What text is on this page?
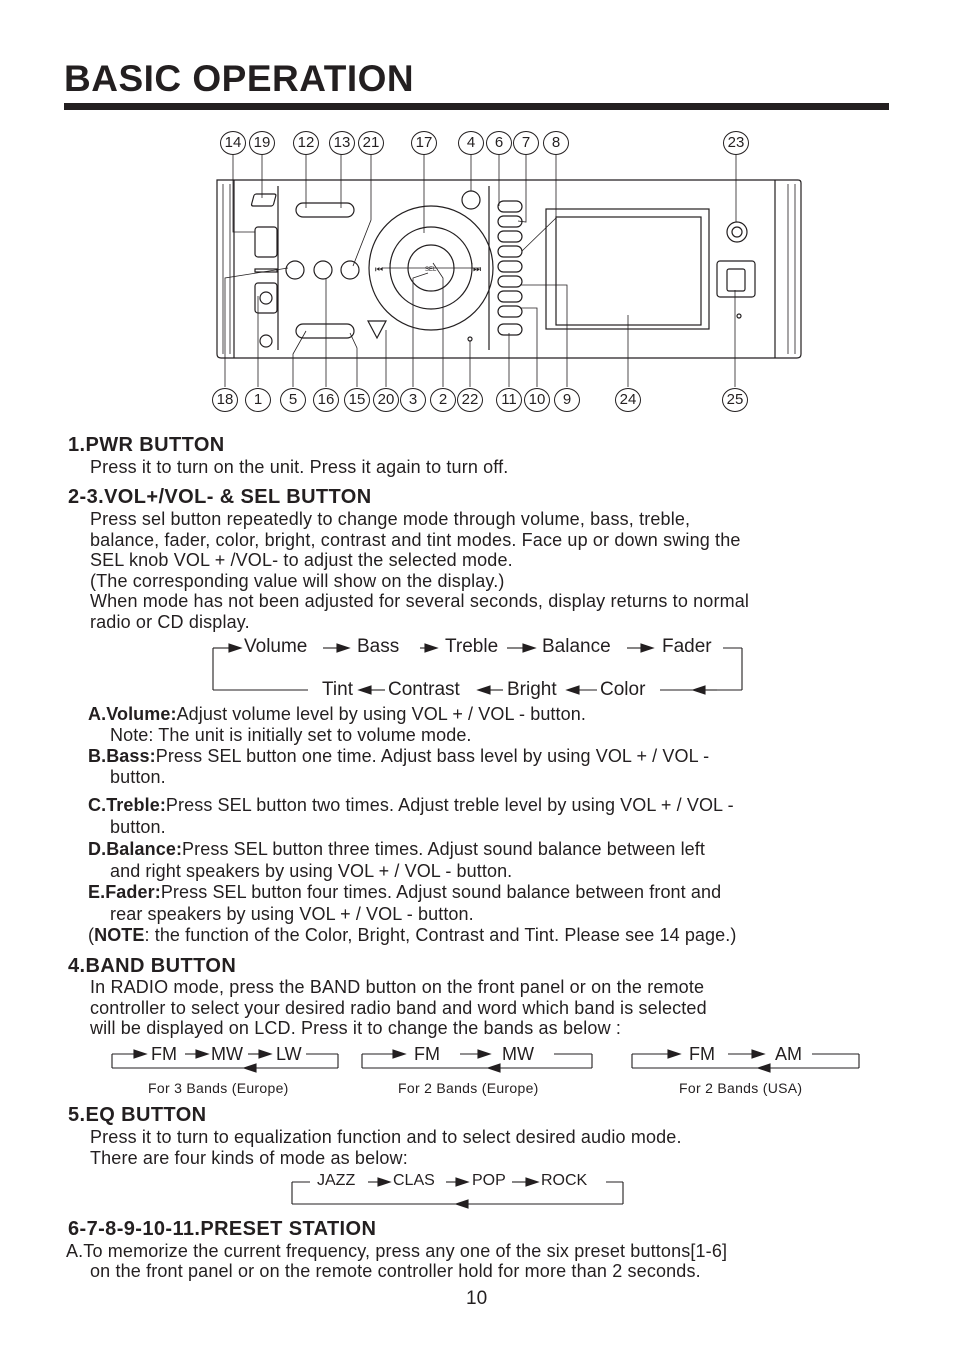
BASIC OPERATION
SEL
⏮	⏭
14 19	12	13 21	17	4	6	7	8	23
18	1	5	16 15 20 3	2 22	11 10	9	24	25
1.PWR BUTTON
Press it to turn on the unit. Press it again to turn off.
2-3.VOL+/VOL- & SEL BUTTON
Press sel button repeatedly to change mode through volume, bass, treble,
balance, fader, color, bright, contrast and tint modes. Face up or down swing the
SEL knob VOL + /VOL- to adjust the selected mode.
(The corresponding value will show on the display.)
When mode has not been adjusted for several seconds, display returns to normal
radio or CD display.
Volume	Bass Treble Balance	Fader
Tint Contrast Bright Color
A.Volume:Adjust volume level by using VOL + / VOL - button.
Note: The unit is initially set to volume mode.
B.Bass:Press SEL button one time. Adjust bass level by using VOL + / VOL -
button.
C.Treble:Press SEL button two times. Adjust treble level by using VOL + / VOL -
button.
D.Balance:Press SEL button three times. Adjust sound balance between left
and right speakers by using VOL + / VOL - button.
E.Fader:Press SEL button four times. Adjust sound balance between front and
rear speakers by using VOL + / VOL - button.
(NOTE: the function of the Color, Bright, Contrast and Tint. Please see 14 page.)
4.BAND BUTTON
In RADIO mode, press the BAND button on the front panel or on the remote
controller to select your desired radio band and word which band is selected
will be displayed on LCD. Press it to change the bands as below :
FM MW LW	FM	MW	FM	AM
For 3 Bands (Europe)	For 2 Bands (Europe)	For 2 Bands (USA)
5.EQ BUTTON
Press it to turn to equalization function and to select desired audio mode.
There are four kinds of mode as below:
JAZZ CLAS POP ROCK
6-7-8-9-10-11.PRESET STATION
A.To memorize the current frequency, press any one of the six preset buttons[1-6]
on the front panel or on the remote controller hold for more than 2 seconds.
10
